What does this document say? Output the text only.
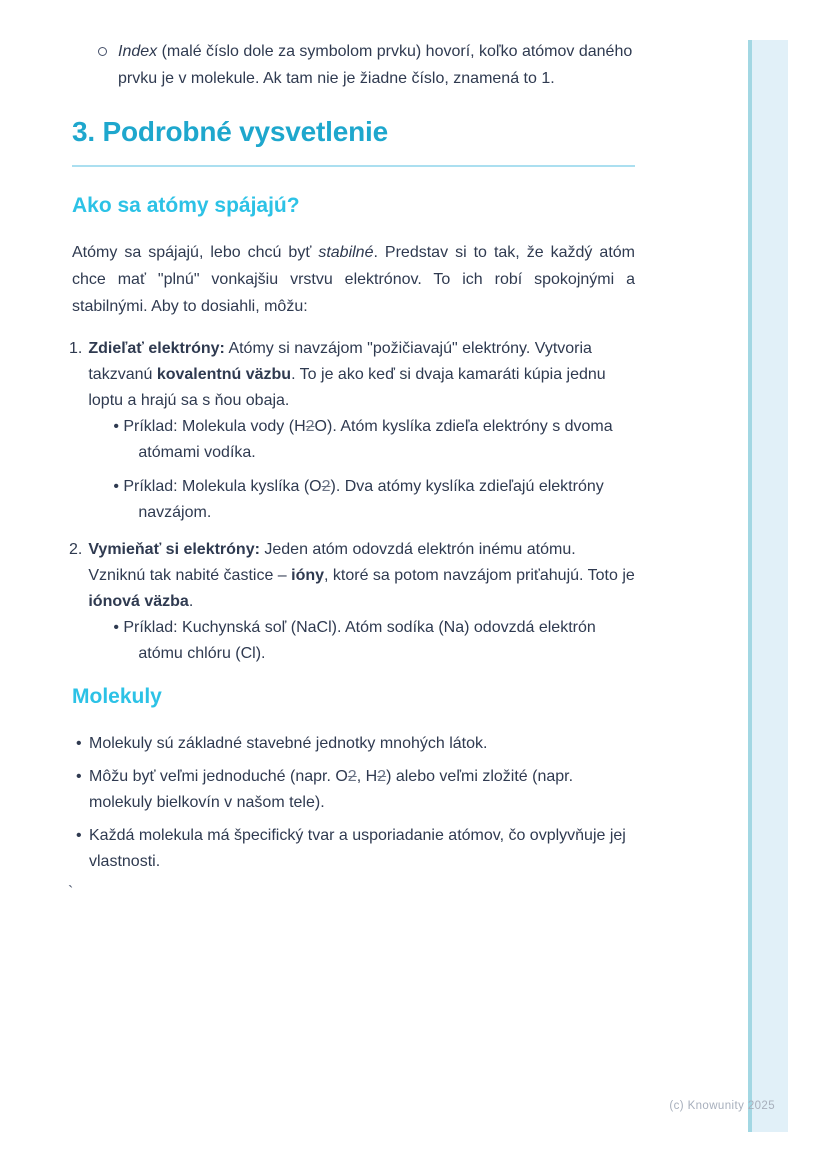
Index (malé číslo dole za symbolom prvku) hovorí, koľko atómov daného prvku je v molekule. Ak tam nie je žiadne číslo, znamená to 1.
3. Podrobné vysvetlenie
Ako sa atómy spájajú?

Atómy sa spájajú, lebo chcú byť stabilné. Predstav si to tak, že každý atóm chce mať "plnú" vonkajšiu vrstvu elektrónov. To ich robí spokojnými a stabilnými. Aby to dosiahli, môžu:

1. Zdieľať elektróny: Atómy si navzájom "požičiavajú" elektróny. Vytvoria takzvanú kovalentnú väzbu. To je ako keď si dvaja kamaráti kúpia jednu loptu a hrajú sa s ňou obaja.
• Príklad: Molekula vody (H2O). Atóm kyslíka zdieľa elektróny s dvoma atómami vodíka.
• Príklad: Molekula kyslíka (O2). Dva atómy kyslíka zdieľajú elektróny navzájom.
2. Vymieňať si elektróny: Jeden atóm odovzdá elektrón inému atómu. Vzniknú tak nabité častice – ióny, ktoré sa potom navzájom priťahujú. Toto je iónová väzba.
• Príklad: Kuchynská soľ (NaCl). Atóm sodíka (Na) odovzdá elektrón atómu chlóru (Cl).
Molekuly
• Molekuly sú základné stavebné jednotky mnohých látok.
• Môžu byť veľmi jednoduché (napr. O2, H2) alebo veľmi zložité (napr. molekuly bielkovín v našom tele).
• Každá molekula má špecifický tvar a usporiadanie atómov, čo ovplyvňuje jej vlastnosti.
`
(c) Knowunity 2025
